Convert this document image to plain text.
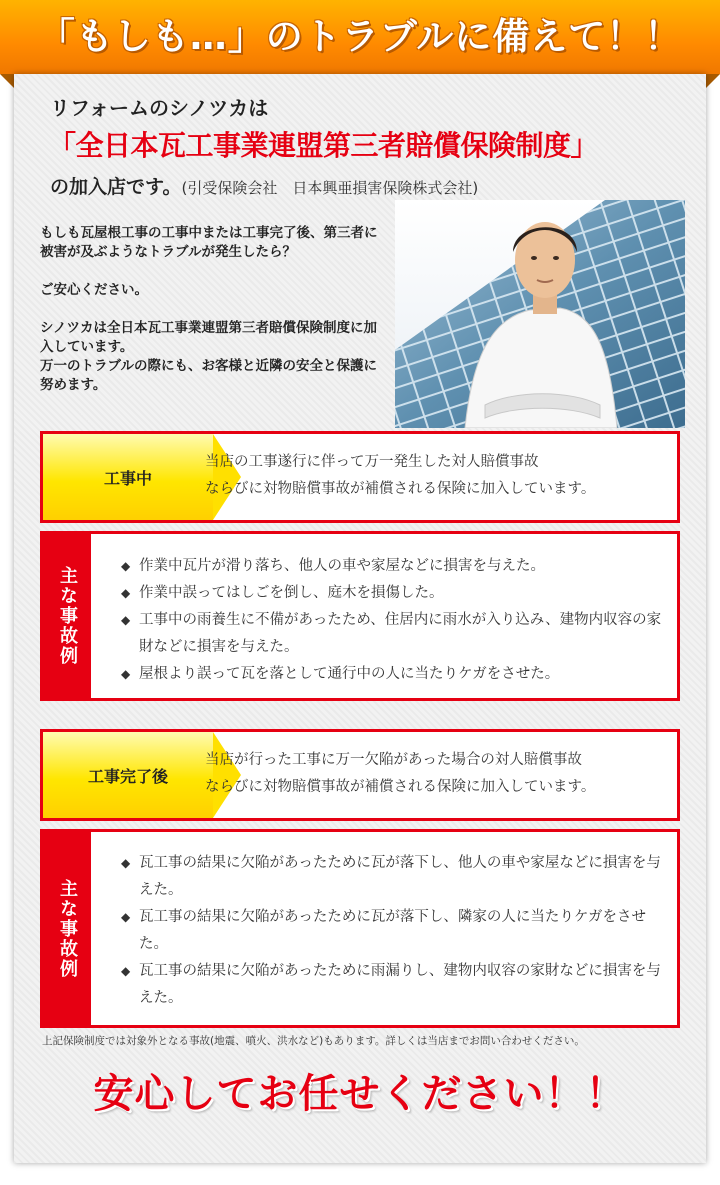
「もしも…」のトラブルに備えて！！
リフォームのシノツカは
「全日本瓦工事業連盟第三者賠償保険制度」
の加入店です。(引受保険会社　日本興亜損害保険株式会社)

もしも瓦屋根工事の工事中または工事完了後、第三者に被害が及ぶようなトラブルが発生したら？

ご安心ください。

シノツカは全日本瓦工事業連盟第三者賠償保険制度に加入しています。
万一のトラブルの際にも、お客様と近隣の安全と保護に努めます。

工事中
当店の工事遂行に伴って万一発生した対人賠償事故
ならびに対物賠償事故が補償される保険に加入しています。
主な事故例
◆	作業中瓦片が滑り落ち、他人の車や家屋などに損害を与えた。
◆ 作業中誤ってはしごを倒し、庭木を損傷した。
◆ 工事中の雨養生に不備があったため、住居内に雨水が入り込み、建物内収容の家財などに損害を与えた。
◆ 屋根より誤って瓦を落として通行中の人に当たりケガをさせた。
工事完了後
当店が行った工事に万一欠陥があった場合の対人賠償事故
ならびに対物賠償事故が補償される保険に加入しています。
主な事故例
◆ 瓦工事の結果に欠陥があったために瓦が落下し、他人の車や家屋などに損害を与えた。
◆ 瓦工事の結果に欠陥があったために瓦が落下し、隣家の人に当たりケガをさせた。
◆ 瓦工事の結果に欠陥があったために雨漏りし、建物内収容の家財などに損害を与えた。
上記保険制度では対象外となる事故(地震、噴火、洪水など)もあります。詳しくは当店までお問い合わせください。
安心してお任せください！！
